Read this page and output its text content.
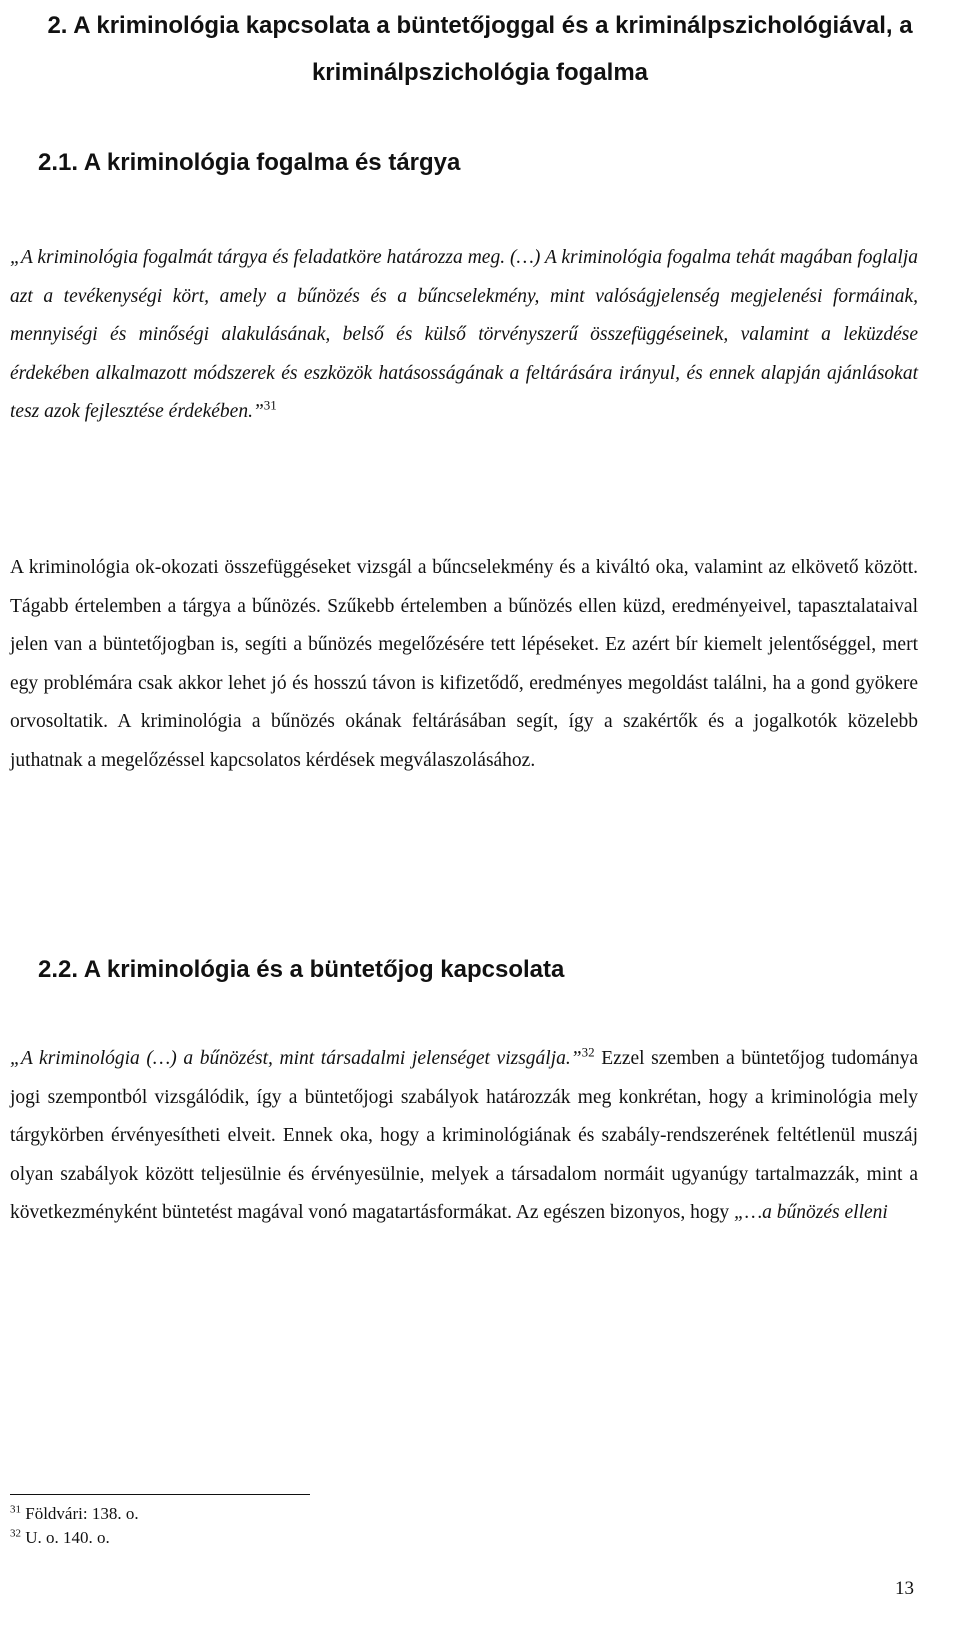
2. A kriminológia kapcsolata a büntetőjoggal és a kriminálpszichológiával, a kriminálpszichológia fogalma
2.1. A kriminológia fogalma és tárgya
„A kriminológia fogalmát tárgya és feladatköre határozza meg. (…) A kriminológia fogalma tehát magában foglalja azt a tevékenységi kört, amely a bűnözés és a bűncselekmény, mint valóságjelenség megjelenési formáinak, mennyiségi és minőségi alakulásának, belső és külső törvényszerű összefüggéseinek, valamint a leküzdése érdekében alkalmazott módszerek és eszközök hatásosságának a feltárására irányul, és ennek alapján ajánlásokat tesz azok fejlesztése érdekében.”$^{31}$
A kriminológia ok-okozati összefüggéseket vizsgál a bűncselekmény és a kiváltó oka, valamint az elkövető között. Tágabb értelemben a tárgya a bűnözés. Szűkebb értelemben a bűnözés ellen küzd, eredményeivel, tapasztalataival jelen van a büntetőjogban is, segíti a bűnözés megelőzésére tett lépéseket. Ez azért bír kiemelt jelentőséggel, mert egy problémára csak akkor lehet jó és hosszú távon is kifizetődő, eredményes megoldást találni, ha a gond gyökere orvosoltatik. A kriminológia a bűnözés okának feltárásában segít, így a szakértők és a jogalkotók közelebb juthatnak a megelőzéssel kapcsolatos kérdések megválaszolásához.
2.2. A kriminológia és a büntetőjog kapcsolata
„A kriminológia (…) a bűnözést, mint társadalmi jelenséget vizsgálja.”$^{32}$ Ezzel szemben a büntetőjog tudománya jogi szempontból vizsgálódik, így a büntetőjogi szabályok határozzák meg konkrétan, hogy a kriminológia mely tárgykörben érvényesítheti elveit. Ennek oka, hogy a kriminológiának és szabály-rendszerének feltétlenül muszáj olyan szabályok között teljesülnie és érvényesülnie, melyek a társadalom normáit ugyanúgy tartalmazzák, mint a következményként büntetést magával vonó magatartásformákat. Az egészen bizonyos, hogy „…a bűnözés elleni
$^{31}$ Földvári: 138. o.
$^{32}$ U. o. 140. o.
13
